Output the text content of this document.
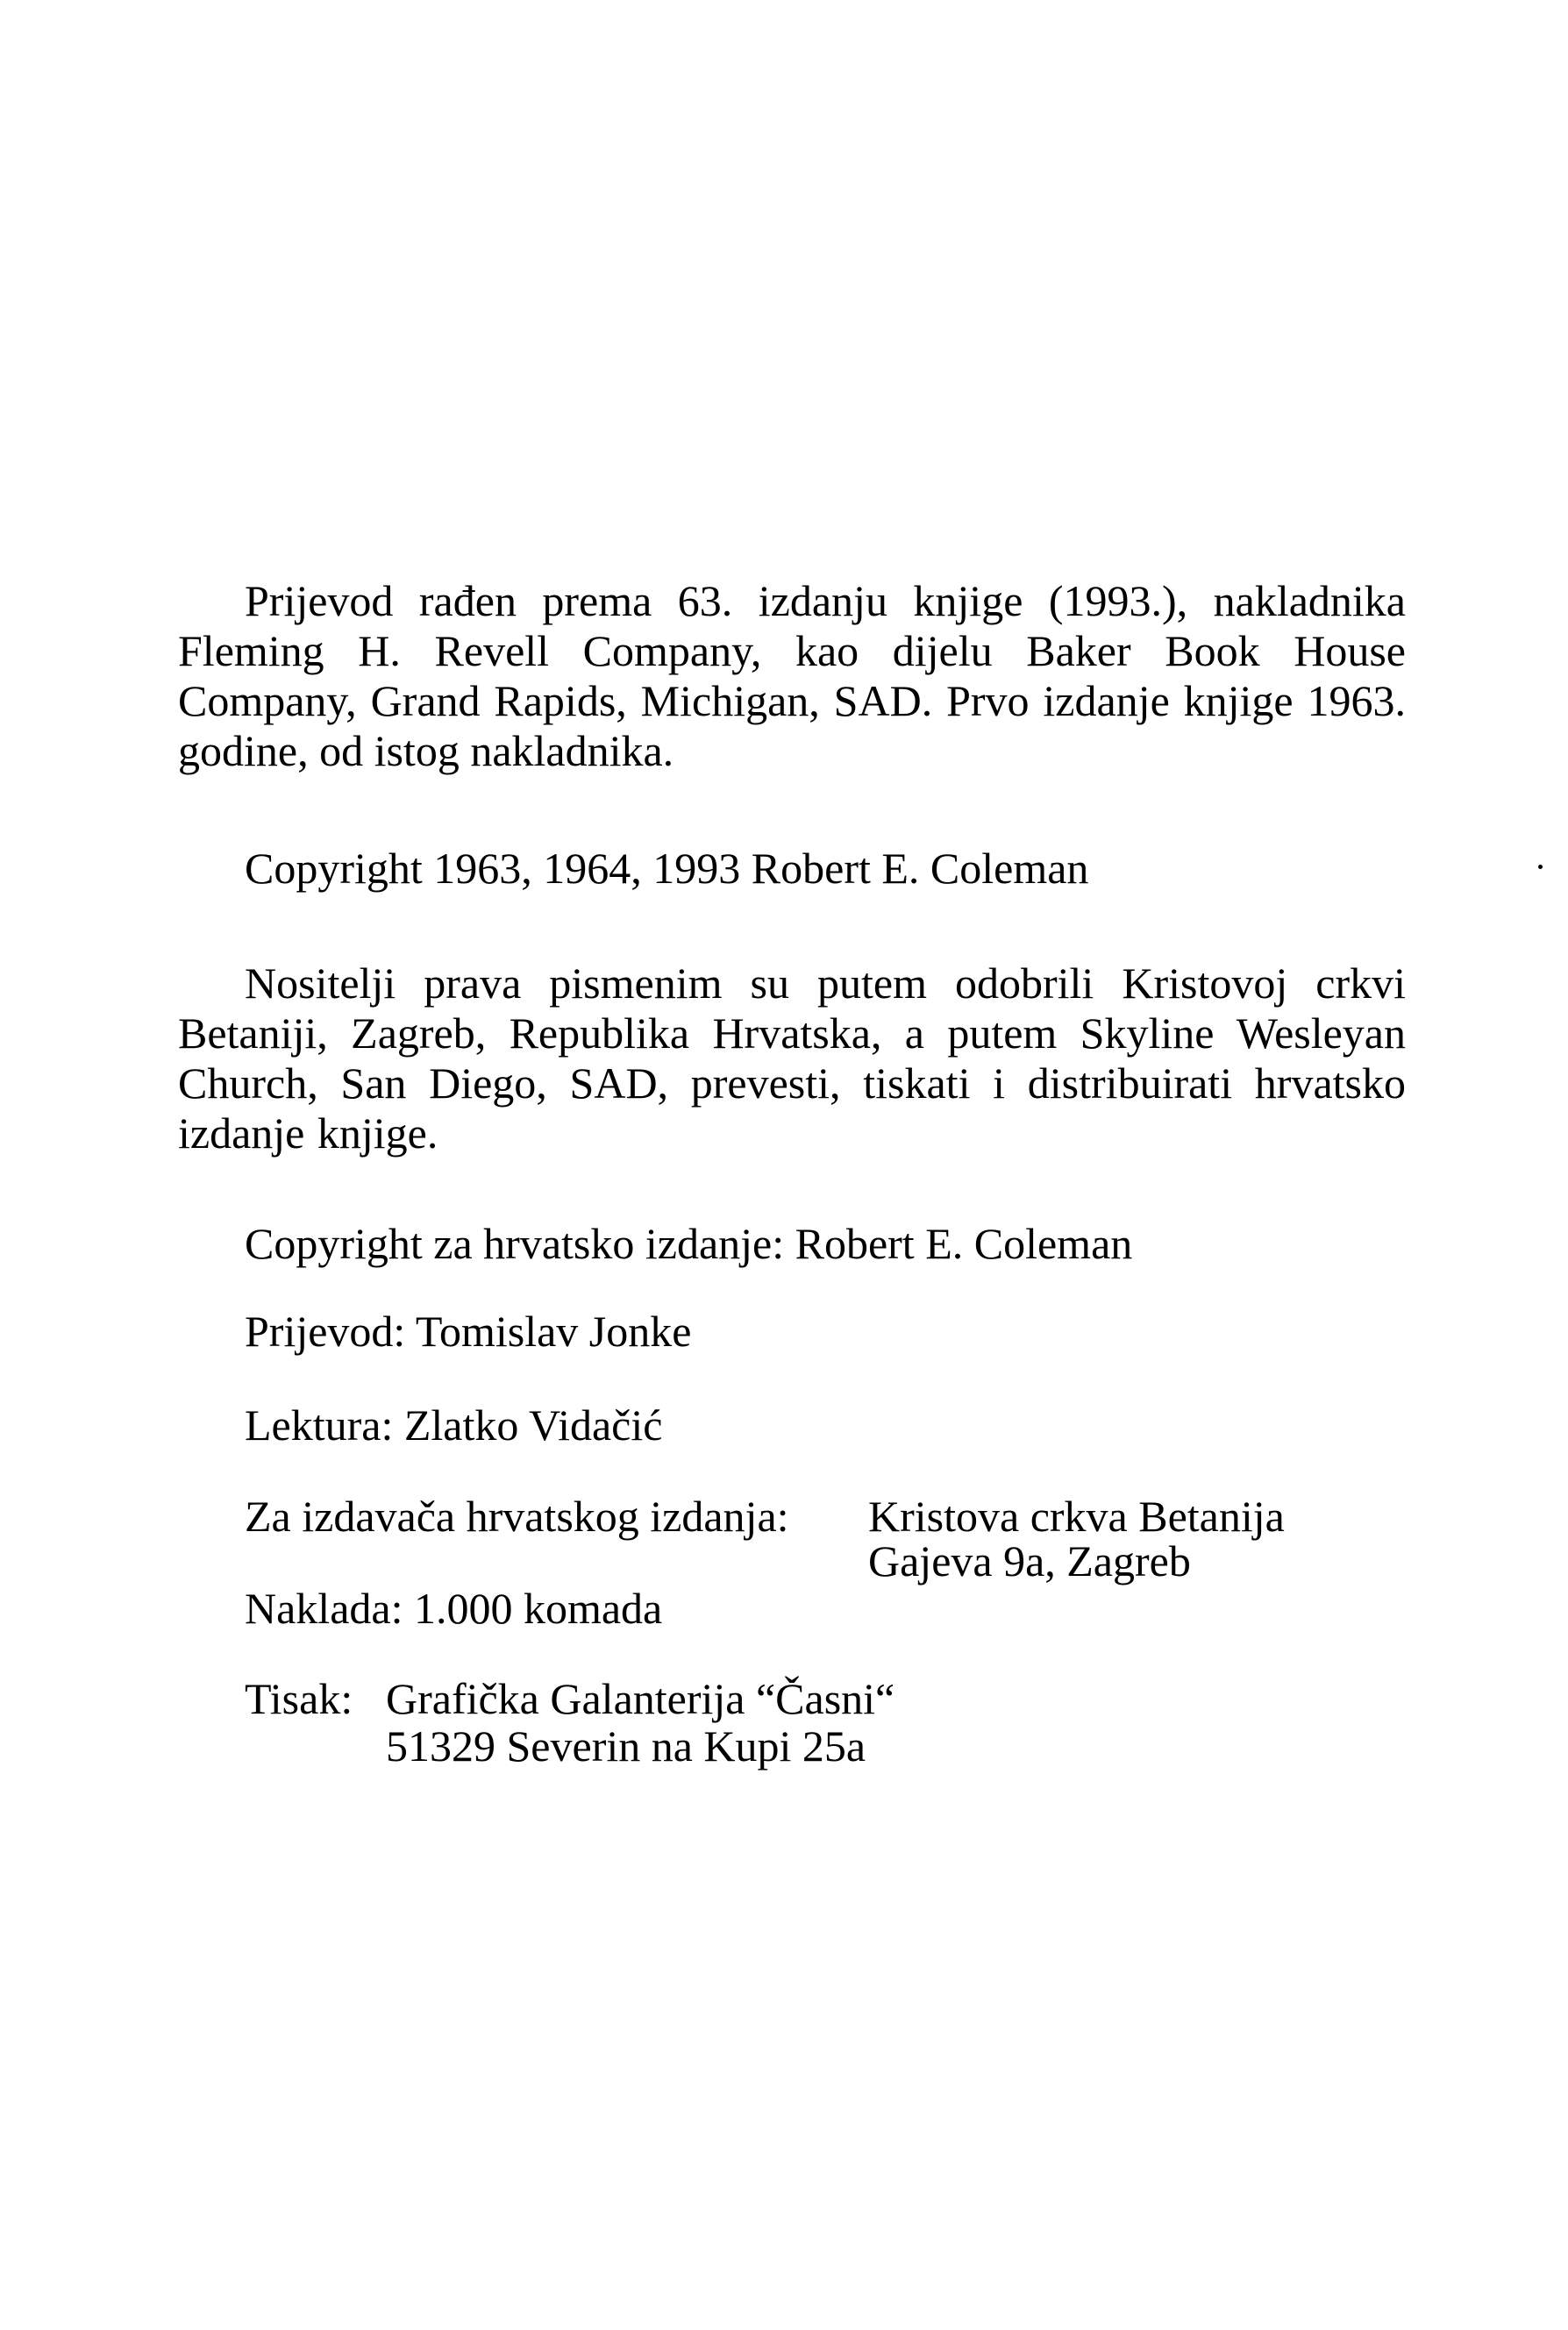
Prijevod rađen prema 63. izdanju knjige (1993.), nakladnika Fleming H. Revell Company, kao dijelu Baker Book House Company, Grand Rapids, Michigan, SAD. Prvo izdanje knjige 1963. godine, od istog nakladnika.
Copyright 1963, 1964, 1993 Robert E. Coleman
Nositelji prava pismenim su putem odobrili Kristovoj crkvi Betaniji, Zagreb, Republika Hrvatska, a putem Skyline Wesleyan Church, San Diego, SAD, prevesti, tiskati i distribuirati hrvatsko izdanje knjige.
Copyright za hrvatsko izdanje: Robert E. Coleman
Prijevod: Tomislav Jonke
Lektura: Zlatko Vidačić
Za izdavača hrvatskog izdanja:	Kristova crkva Betanija
Gajeva 9a, Zagreb
Naklada: 1.000 komada
Tisak: Grafička Galanterija “Časni“
51329 Severin na Kupi 25a
